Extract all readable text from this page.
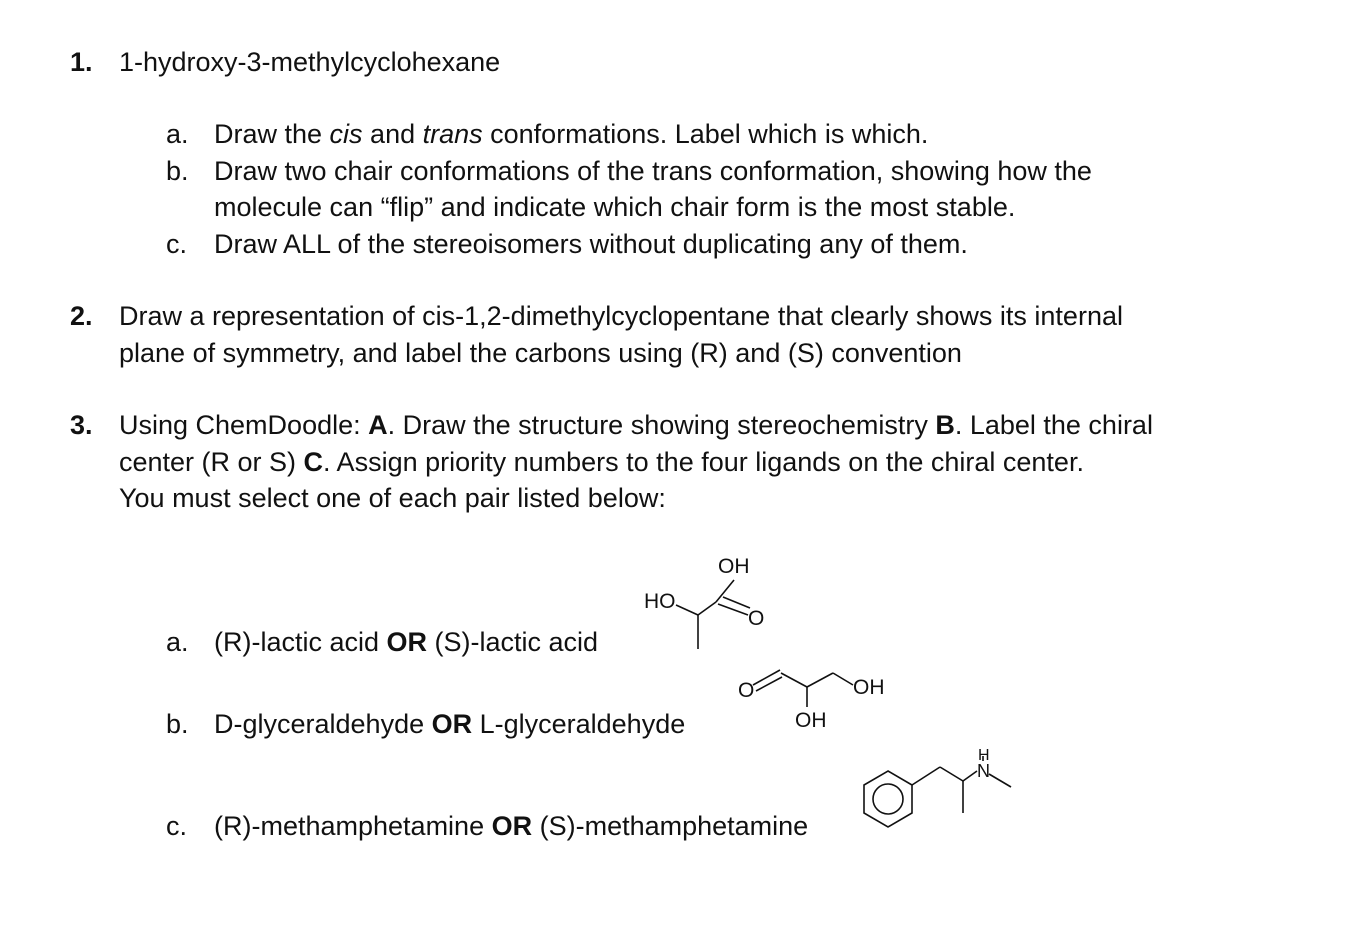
1. 1-hydroxy-3-methylcyclohexane
a. Draw the cis and trans conformations. Label which is which.
b. Draw two chair conformations of the trans conformation, showing how the
molecule can “flip” and indicate which chair form is the most stable.
c. Draw ALL of the stereoisomers without duplicating any of them.
2. Draw a representation of cis-1,2-dimethylcyclopentane that clearly shows its internal
plane of symmetry, and label the carbons using (R) and (S) convention
3. Using ChemDoodle: A. Draw the structure showing stereochemistry B. Label the chiral
center (R or S) C. Assign priority numbers to the four ligands on the chiral center.
You must select one of each pair listed below:
a. (R)-lactic acid OR (S)-lactic acid
b. D-glyceraldehyde OR L-glyceraldehyde
c. (R)-methamphetamine OR (S)-methamphetamine
OH
HO
O
O	OH
OH
H
N
